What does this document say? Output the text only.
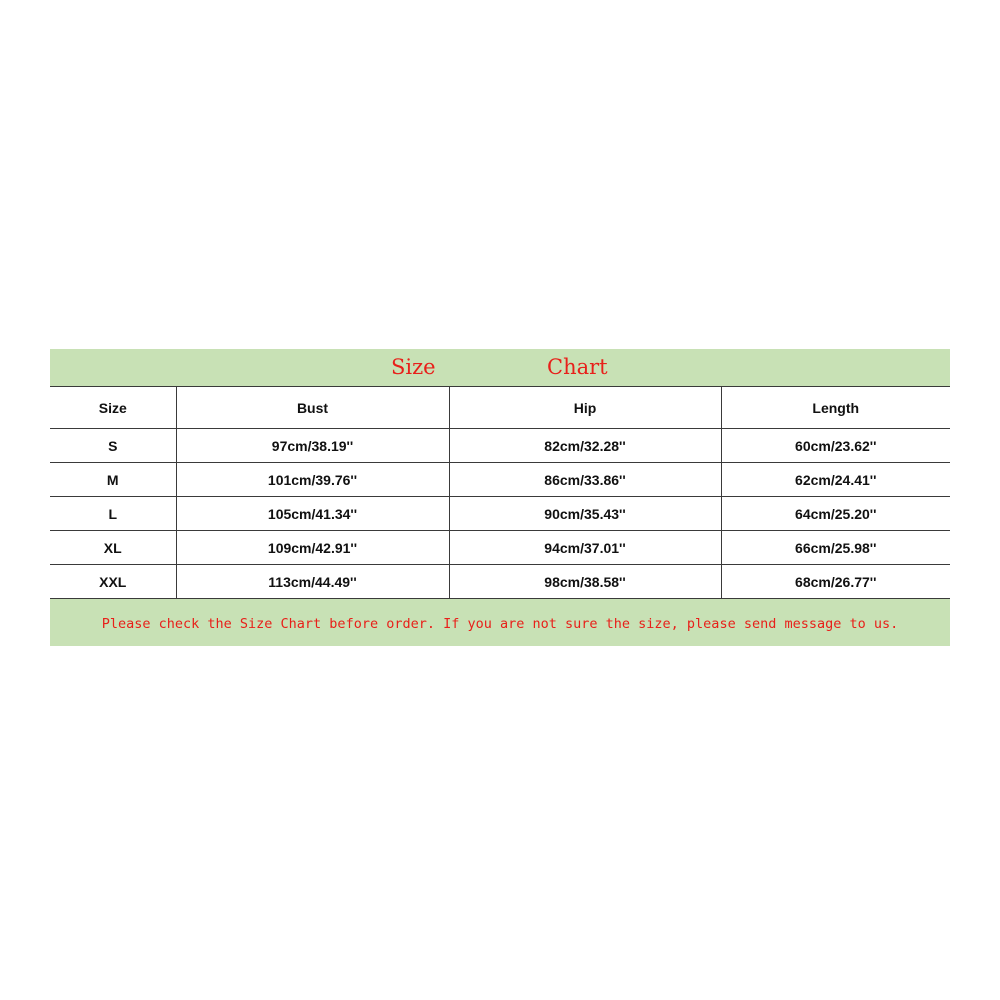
Size Chart			

Size	Bust	Hip	Length
S	97cm/38.19''	82cm/32.28''	60cm/23.62''
M	101cm/39.76''	86cm/33.86''	62cm/24.41''
L	105cm/41.34''	90cm/35.43''	64cm/25.20''
XL	109cm/42.91''	94cm/37.01''	66cm/25.98''
XXL	113cm/44.49''	98cm/38.58''	68cm/26.77''
Please check the Size Chart before order. If you are not sure the size, please send message to us.			
